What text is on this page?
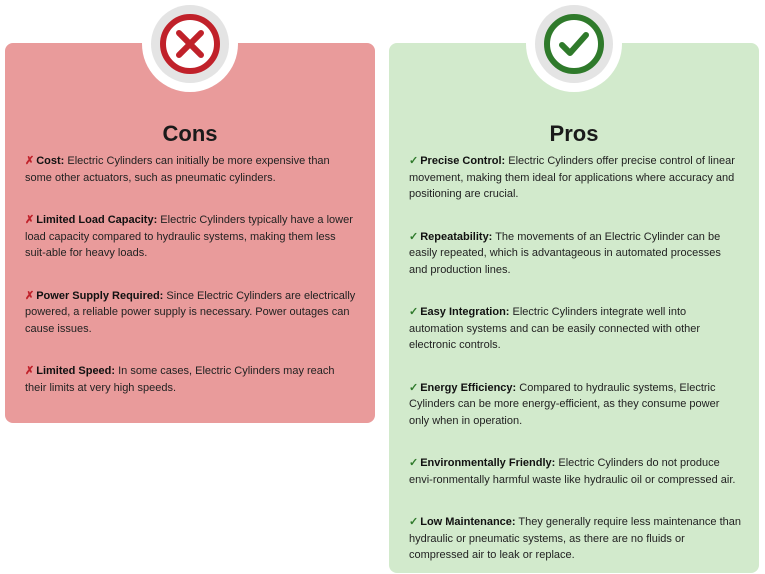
Cons

✗ Cost: Electric Cylinders can initially be more expensive than some other actuators, such as pneumatic cylinders.

✗ Limited Load Capacity: Electric Cylinders typically have a lower load capacity compared to hydraulic systems, making them less suit-able for heavy loads.

✗ Power Supply Required: Since Electric Cylinders are electrically powered, a reliable power supply is necessary. Power outages can cause issues.

✗ Limited Speed: In some cases, Electric Cylinders may reach their limits at very high speeds.

Pros

✓ Precise Control: Electric Cylinders offer precise control of linear movement, making them ideal for applications where accuracy and positioning are crucial.

✓ Repeatability: The movements of an Electric Cylinder can be easily repeated, which is advantageous in automated processes and production lines.

✓ Easy Integration: Electric Cylinders integrate well into automation systems and can be easily connected with other electronic controls.

✓ Energy Efficiency: Compared to hydraulic systems, Electric Cylinders can be more energy-efficient, as they consume power only when in operation.

✓ Environmentally Friendly: Electric Cylinders do not produce envi-ronmentally harmful waste like hydraulic oil or compressed air.

✓ Low Maintenance: They generally require less maintenance than hydraulic or pneumatic systems, as there are no fluids or compressed air to leak or replace.
